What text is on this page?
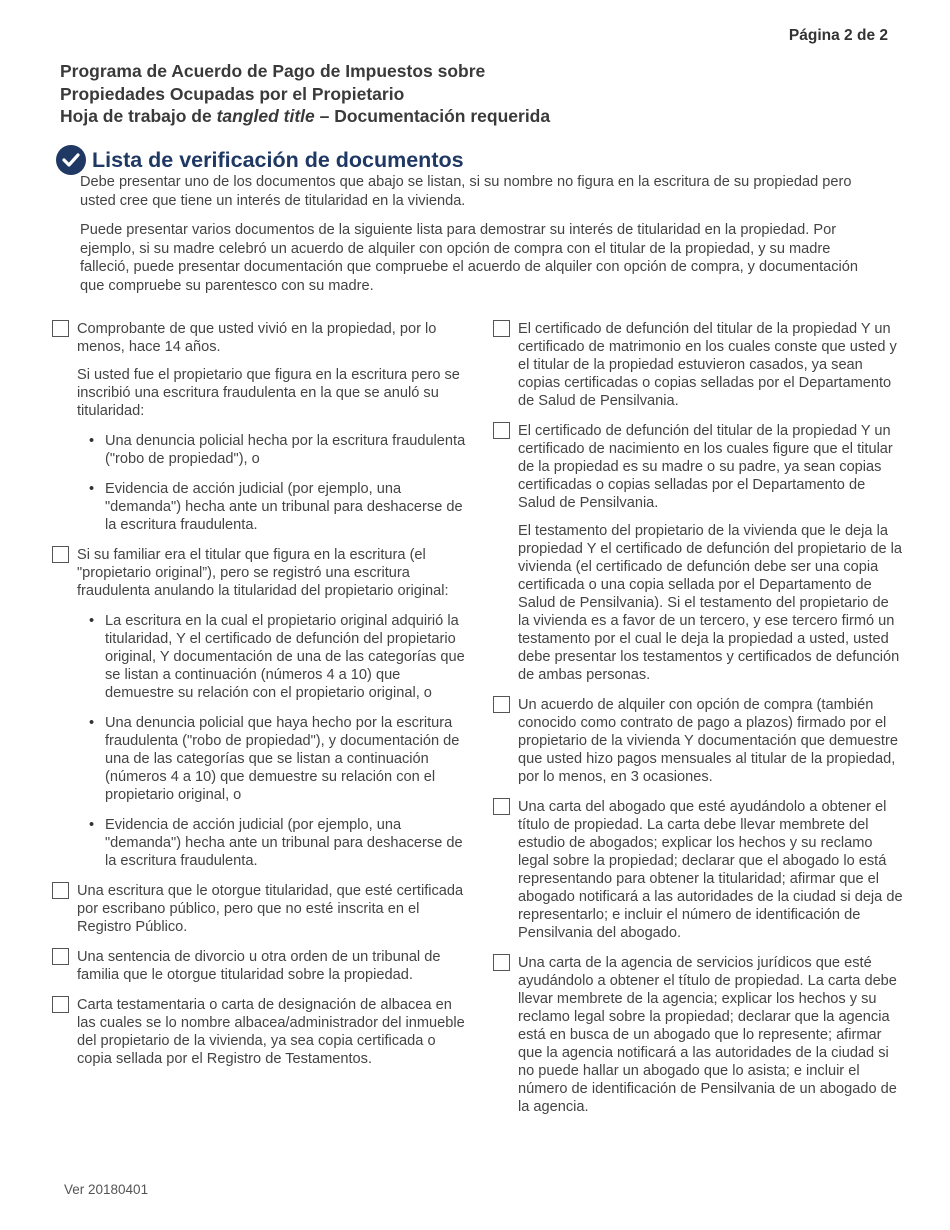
Página 2 de 2
Programa de Acuerdo de Pago de Impuestos sobre
Propiedades Ocupadas por el Propietario
Hoja de trabajo de tangled title – Documentación requerida
Lista de verificación de documentos
Debe presentar uno de los documentos que abajo se listan, si su nombre no figura en la escritura de su propiedad pero usted cree que tiene un interés de titularidad en la vivienda.
Puede presentar varios documentos de la siguiente lista para demostrar su interés de titularidad en la propiedad. Por ejemplo, si su madre celebró un acuerdo de alquiler con opción de compra con el titular de la propiedad, y su madre falleció, puede presentar documentación que compruebe el acuerdo de alquiler con opción de compra, y documentación que compruebe su parentesco con su madre.
Comprobante de que usted vivió en la propiedad, por lo menos, hace 14 años.
Si usted fue el propietario que figura en la escritura pero se inscribió una escritura fraudulenta en la que se anuló su titularidad:
• Una denuncia policial hecha por la escritura fraudulenta ("robo de propiedad"), o
• Evidencia de acción judicial (por ejemplo, una "demanda") hecha ante un tribunal para deshacerse de la escritura fraudulenta.
Si su familiar era el titular que figura en la escritura (el "propietario original”), pero se registró una escritura fraudulenta anulando la titularidad del propietario original:
• La escritura en la cual el propietario original adquirió la titularidad, Y el certificado de defunción del propietario original, Y documentación de una de las categorías que se listan a continuación (números 4 a 10) que demuestre su relación con el propietario original, o
• Una denuncia policial que haya hecho por la escritura fraudulenta ("robo de propiedad"), y documentación de una de las categorías que se listan a continuación (números 4 a 10) que demuestre su relación con el propietario original, o
• Evidencia de acción judicial (por ejemplo, una "demanda") hecha ante un tribunal para deshacerse de la escritura fraudulenta.
Una escritura que le otorgue titularidad, que esté certificada por escribano público, pero que no esté inscrita en el Registro Público.
Una sentencia de divorcio u otra orden de un tribunal de familia que le otorgue titularidad sobre la propiedad.
Carta testamentaria o carta de designación de albacea en las cuales se lo nombre albacea/administrador del inmueble del propietario de la vivienda, ya sea copia certificada o copia sellada por el Registro de Testamentos.
El certificado de defunción del titular de la propiedad Y un certificado de matrimonio en los cuales conste que usted y el titular de la propiedad estuvieron casados, ya sean copias certificadas o copias selladas por el Departamento de Salud de Pensilvania.
El certificado de defunción del titular de la propiedad Y un certificado de nacimiento en los cuales figure que el titular de la propiedad es su madre o su padre, ya sean copias certificadas o copias selladas por el Departamento de Salud de Pensilvania.
El testamento del propietario de la vivienda que le deja la propiedad Y el certificado de defunción del propietario de la vivienda (el certificado de defunción debe ser una copia certificada o una copia sellada por el Departamento de Salud de Pensilvania). Si el testamento del propietario de la vivienda es a favor de un tercero, y ese tercero firmó un testamento por el cual le deja la propiedad a usted, usted debe presentar los testamentos y certificados de defunción de ambas personas.
Un acuerdo de alquiler con opción de compra (también conocido como contrato de pago a plazos) firmado por el propietario de la vivienda Y documentación que demuestre que usted hizo pagos mensuales al titular de la propiedad, por lo menos, en 3 ocasiones.
Una carta del abogado que esté ayudándolo a obtener el título de propiedad. La carta debe llevar membrete del estudio de abogados; explicar los hechos y su reclamo legal sobre la propiedad; declarar que el abogado lo está representando para obtener la titularidad; afirmar que el abogado notificará a las autoridades de la ciudad si deja de representarlo; e incluir el número de identificación de Pensilvania del abogado.
Una carta de la agencia de servicios jurídicos que esté ayudándolo a obtener el título de propiedad. La carta debe llevar membrete de la agencia; explicar los hechos y su reclamo legal sobre la propiedad; declarar que la agencia está en busca de un abogado que lo represente; afirmar que la agencia notificará a las autoridades de la ciudad si no puede hallar un abogado que lo asista; e incluir el número de identificación de Pensilvania de un abogado de la agencia.
Ver 20180401
